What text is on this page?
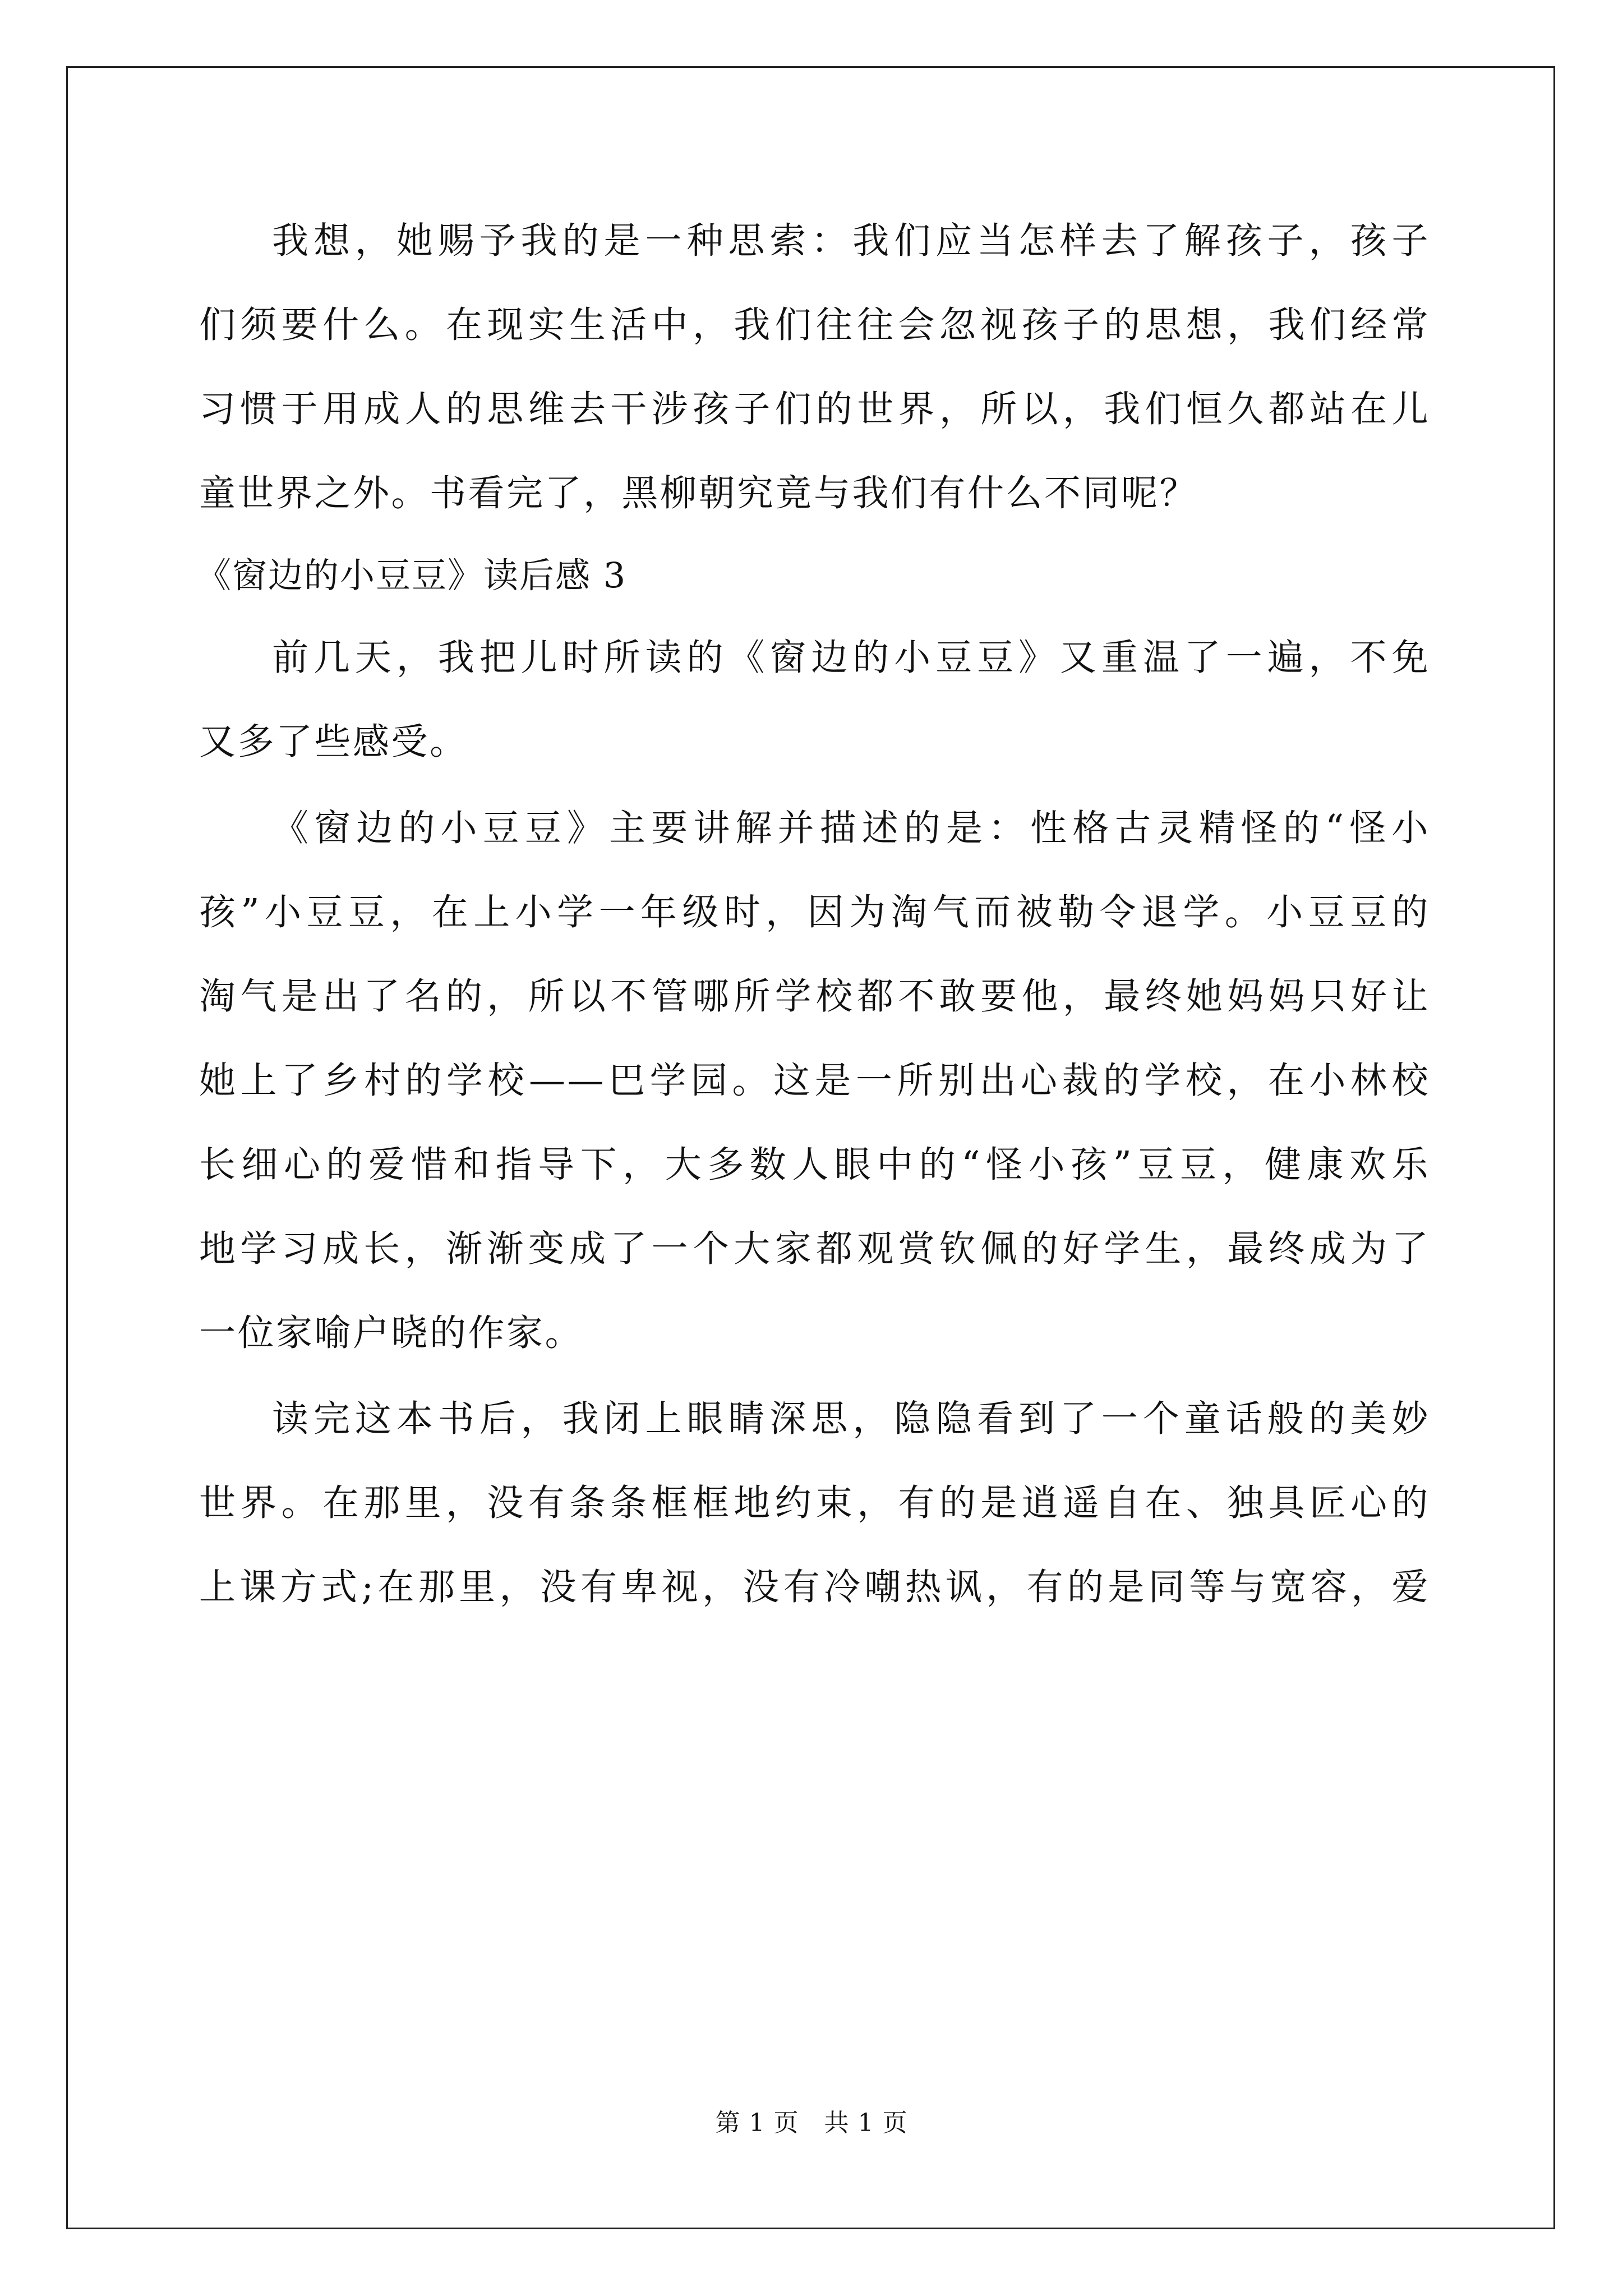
我想，她赐予我的是一种思索：我们应当怎样去了解孩子，孩子
们须要什么。在现实生活中，我们往往会忽视孩子的思想，我们经常
习惯于用成人的思维去干涉孩子们的世界，所以，我们恒久都站在儿
童世界之外。书看完了，黑柳朝究竟与我们有什么不同呢？
《窗边的小豆豆》读后感 3
前几天，我把儿时所读的《窗边的小豆豆》又重温了一遍，不免
又多了些感受。
《窗边的小豆豆》主要讲解并描述的是：性格古灵精怪的“怪小
孩”小豆豆，在上小学一年级时，因为淘气而被勒令退学。小豆豆的
淘气是出了名的，所以不管哪所学校都不敢要他，最终她妈妈只好让
她上了乡村的学校——巴学园。这是一所别出心裁的学校，在小林校
长细心的爱惜和指导下，大多数人眼中的“怪小孩”豆豆，健康欢乐
地学习成长，渐渐变成了一个大家都观赏钦佩的好学生，最终成为了
一位家喻户晓的作家。
读完这本书后，我闭上眼睛深思，隐隐看到了一个童话般的美妙
世界。在那里，没有条条框框地约束，有的是逍遥自在、独具匠心的
上课方式;在那里，没有卑视，没有冷嘲热讽，有的是同等与宽容，爱
第 1 页　共 1 页
